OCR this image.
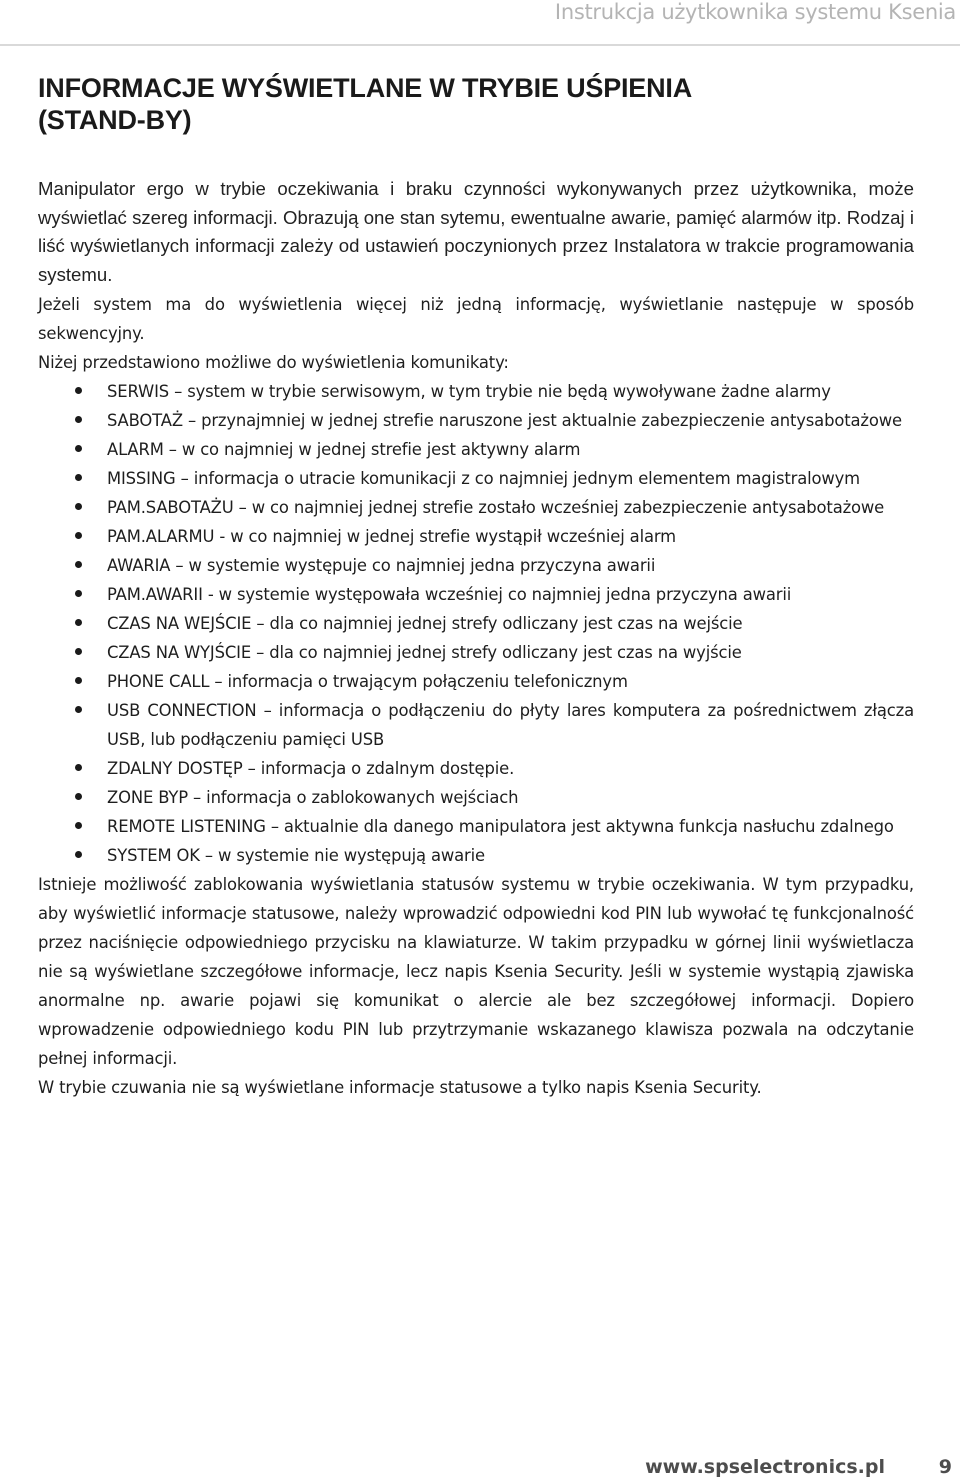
Instrukcja użytkownika systemu Ksenia
INFORMACJE WYŚWIETLANE W TRYBIE UŚPIENIA
(STAND-BY)

Manipulator ergo w trybie oczekiwania i braku czynności wykonywanych przez użytkownika, może wyświetlać szereg informacji. Obrazują one stan sytemu, ewentualne awarie, pamięć alarmów itp. Rodzaj i liść wyświetlanych informacji zależy od ustawień poczynionych przez Instalatora w trakcie programowania systemu.

Jeżeli system ma do wyświetlenia więcej niż jedną informację, wyświetlanie następuje w sposób sekwencyjny.

Niżej przedstawiono możliwe do wyświetlenia komunikaty:

SERWIS – system w trybie serwisowym, w tym trybie nie będą wywoływane żadne alarmy
SABOTAŻ – przynajmniej w jednej strefie naruszone jest aktualnie zabezpieczenie antysabotażowe
ALARM – w co najmniej w jednej strefie jest aktywny alarm
MISSING – informacja o utracie komunikacji z co najmniej jednym elementem magistralowym
PAM.SABOTAŻU – w co najmniej jednej strefie zostało wcześniej zabezpieczenie antysabotażowe
PAM.ALARMU - w co najmniej w jednej strefie wystąpił wcześniej alarm
AWARIA – w systemie występuje co najmniej jedna przyczyna awarii
PAM.AWARII - w systemie występowała wcześniej co najmniej jedna przyczyna awarii
CZAS NA WEJŚCIE – dla co najmniej jednej strefy odliczany jest czas na wejście
CZAS NA WYJŚCIE – dla co najmniej jednej strefy odliczany jest czas na wyjście
PHONE CALL – informacja o trwającym połączeniu telefonicznym
USB CONNECTION – informacja o podłączeniu do płyty lares komputera za pośrednictwem złącza USB, lub podłączeniu pamięci USB
ZDALNY DOSTĘP – informacja o zdalnym dostępie.
ZONE BYP – informacja o zablokowanych wejściach
REMOTE LISTENING – aktualnie dla danego manipulatora jest aktywna funkcja nasłuchu zdalnego
SYSTEM OK – w systemie nie występują awarie

Istnieje możliwość zablokowania wyświetlania statusów systemu w trybie oczekiwania. W tym przypadku, aby wyświetlić informacje statusowe, należy wprowadzić odpowiedni kod PIN lub wywołać tę funkcjonalność przez naciśnięcie odpowiedniego przycisku na klawiaturze. W takim przypadku w górnej linii wyświetlacza nie są wyświetlane szczegółowe informacje, lecz napis Ksenia Security. Jeśli w systemie wystąpią zjawiska anormalne np. awarie pojawi się komunikat o alercie ale bez szczegółowej informacji. Dopiero wprowadzenie odpowiedniego kodu PIN lub przytrzymanie wskazanego klawisza pozwala na odczytanie pełnej informacji.

W trybie czuwania nie są wyświetlane informacje statusowe a tylko napis Ksenia Security.

www.spselectronics.pl	9
